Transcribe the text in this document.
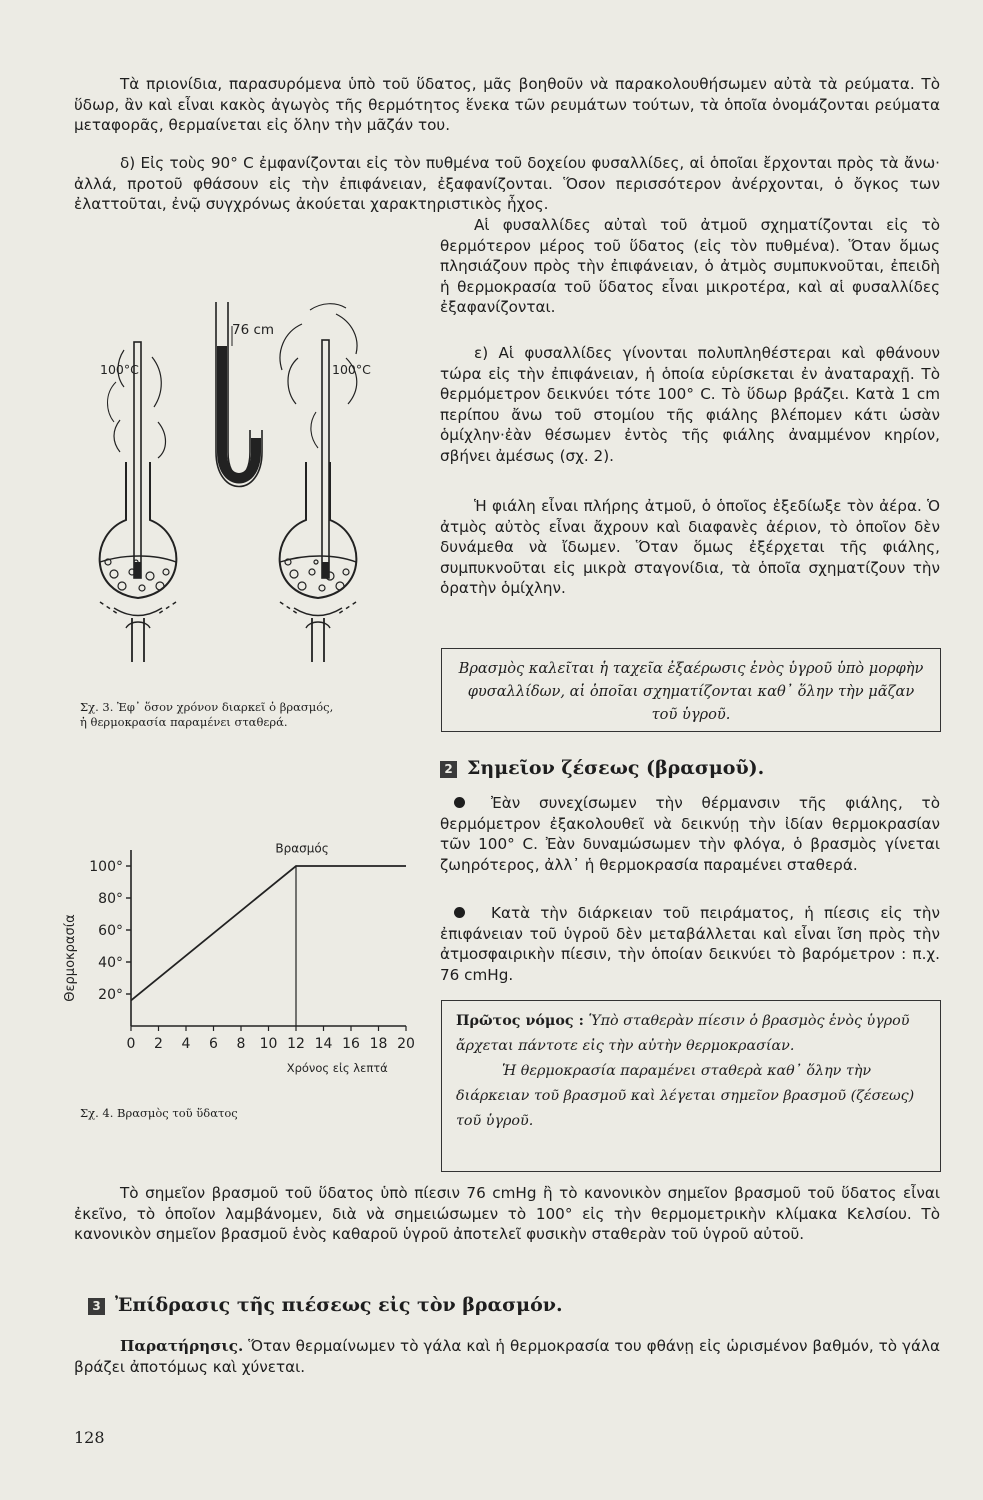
Τὰ πριονίδια, παρασυρόμενα ὑπὸ τοῦ ὕδατος, μᾶς βοηθοῦν νὰ παρακολουθήσωμεν αὐτὰ τὰ ρεύματα. Τὸ ὕδωρ, ἂν καὶ εἶναι κακὸς ἀγωγὸς τῆς θερμότητος ἕνεκα τῶν ρευμάτων τούτων, τὰ ὁποῖα ὀνομάζονται ρεύματα μεταφορᾶς, θερμαίνεται εἰς ὅλην τὴν μᾶζάν του.

δ) Εἰς τοὺς 90° C ἐμφανίζονται εἰς τὸν πυθμένα τοῦ δοχείου φυσαλλίδες, αἱ ὁποῖαι ἔρχονται πρὸς τὰ ἄνω· ἀλλά, προτοῦ φθάσουν εἰς τὴν ἐπιφάνειαν, ἐξαφανίζονται. Ὅσον περισσότερον ἀνέρχονται, ὁ ὄγκος των ἐλαττοῦται, ἐνῷ συγχρόνως ἀκούεται χαρακτηριστικὸς ἦχος.

Αἱ φυσαλλίδες αὐταὶ τοῦ ἀτμοῦ σχηματίζονται εἰς τὸ θερμότερον μέρος τοῦ ὕδατος (εἰς τὸν πυθμένα). Ὅταν ὅμως πλησιάζουν πρὸς τὴν ἐπιφάνειαν, ὁ ἀτμὸς συμπυκνοῦται, ἐπειδὴ ἡ θερμοκρασία τοῦ ὕδατος εἶναι μικροτέρα, καὶ αἱ φυσαλλίδες ἐξαφανίζονται.

ε) Αἱ φυσαλλίδες γίνονται πολυπληθέστεραι καὶ φθάνουν τώρα εἰς τὴν ἐπιφάνειαν, ἡ ὁποία εὑρίσκεται ἐν ἀναταραχῇ. Τὸ θερμόμετρον δεικνύει τότε 100° C. Τὸ ὕδωρ βράζει. Κατὰ 1 cm περίπου ἄνω τοῦ στομίου τῆς φιάλης βλέπομεν κάτι ὡσὰν ὁμίχλην·ἐὰν θέσωμεν ἐντὸς τῆς φιάλης ἀναμμένον κηρίον, σβήνει ἀμέσως (σχ. 2).

Ἡ φιάλη εἶναι πλήρης ἀτμοῦ, ὁ ὁποῖος ἐξεδίωξε τὸν ἀέρα. Ὁ ἀτμὸς αὐτὸς εἶναι ἄχρουν καὶ διαφανὲς ἀέριον, τὸ ὁποῖον δὲν δυνάμεθα νὰ ἴδωμεν. Ὅταν ὅμως ἐξέρχεται τῆς φιάλης, συμπυκνοῦται εἰς μικρὰ σταγονίδια, τὰ ὁποῖα σχηματίζουν τὴν ὁρατὴν ὁμίχλην.

Βρασμὸς καλεῖται ἡ ταχεῖα ἐξαέρωσις ἑνὸς ὑγροῦ ὑπὸ μορφὴν φυσαλλίδων, αἱ ὁποῖαι σχηματίζονται καθ᾽ ὅλην τὴν μᾶζαν τοῦ ὑγροῦ.
2 Σημεῖον ζέσεως (βρασμοῦ).

Ἐὰν συνεχίσωμεν τὴν θέρμανσιν τῆς φιάλης, τὸ θερμόμετρον ἐξακολουθεῖ νὰ δεικνύῃ τὴν ἰδίαν θερμοκρασίαν τῶν 100° C. Ἐὰν δυναμώσωμεν τὴν φλόγα, ὁ βρασμὸς γίνεται ζωηρότερος, ἀλλ᾽ ἡ θερμοκρασία παραμένει σταθερά.

Κατὰ τὴν διάρκειαν τοῦ πειράματος, ἡ πίεσις εἰς τὴν ἐπιφάνειαν τοῦ ὑγροῦ δὲν μεταβάλλεται καὶ εἶναι ἴση πρὸς τὴν ἀτμοσφαιρικὴν πίεσιν, τὴν ὁποίαν δεικνύει τὸ βαρόμετρον : π.χ. 76 cmHg.

Πρῶτος νόμος : Ὑπὸ σταθερὰν πίεσιν ὁ βρασμὸς ἑνὸς ὑγροῦ ἄρχεται πάντοτε εἰς τὴν αὐτὴν θερμοκρασίαν.
Ἡ θερμοκρασία παραμένει σταθερὰ καθ᾽ ὅλην τὴν διάρκειαν τοῦ βρασμοῦ καὶ λέγεται σημεῖον βρασμοῦ (ζέσεως) τοῦ ὑγροῦ.

Τὸ σημεῖον βρασμοῦ τοῦ ὕδατος ὑπὸ πίεσιν 76 cmHg ἢ τὸ κανονικὸν σημεῖον βρασμοῦ τοῦ ὕδατος εἶναι ἐκεῖνο, τὸ ὁποῖον λαμβάνομεν, διὰ νὰ σημειώσωμεν τὸ 100° εἰς τὴν θερμομετρικὴν κλίμακα Κελσίου. Τὸ κανονικὸν σημεῖον βρασμοῦ ἑνὸς καθαροῦ ὑγροῦ ἀποτελεῖ φυσικὴν σταθερὰν τοῦ ὑγροῦ αὐτοῦ.

3 Ἐπίδρασις τῆς πιέσεως εἰς τὸν βρασμόν.

Παρατήρησις. Ὅταν θερμαίνωμεν τὸ γάλα καὶ ἡ θερμοκρασία του φθάνῃ εἰς ὡρισμένον βαθμόν, τὸ γάλα βράζει ἀποτόμως καὶ χύνεται.

128
100°C
76 cm
100°C
Σχ. 3. Ἐφ᾽ ὅσον χρόνον διαρκεῖ ὁ βρασμός,
ἡ θερμοκρασία παραμένει σταθερά.
20°
40°
60°
80°
100°
0 2 4 6 8 10 12 14 16 18 20
Βρασμός
Χρόνος εἰς λεπτά
Θερμοκρασία
Σχ. 4. Βρασμὸς τοῦ ὕδατος
